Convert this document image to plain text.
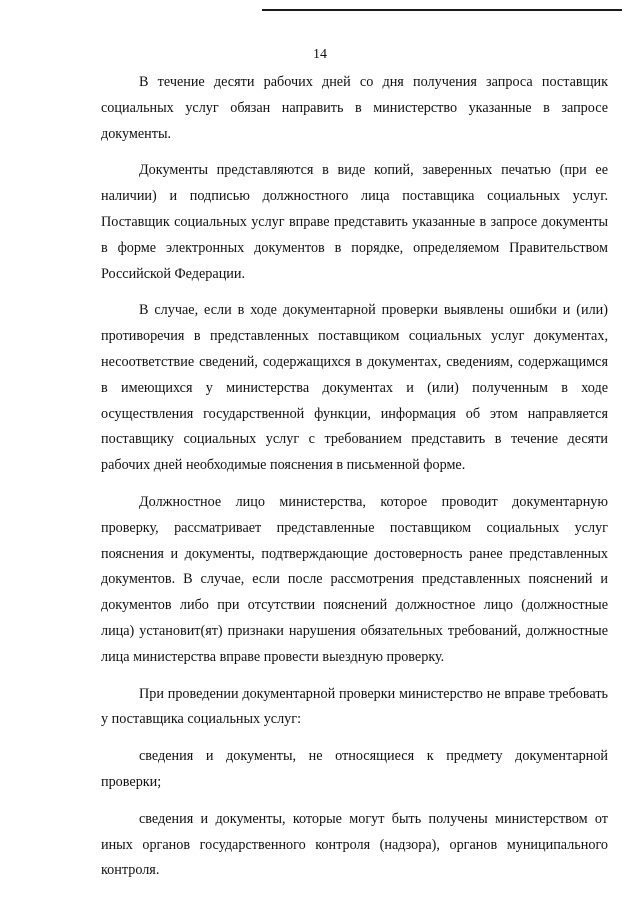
14

В течение десяти рабочих дней со дня получения запроса поставщик социальных услуг обязан направить в министерство указанные в запросе документы.

Документы представляются в виде копий, заверенных печатью (при ее наличии) и подписью должностного лица поставщика социальных услуг. Поставщик социальных услуг вправе представить указанные в запросе документы в форме электронных документов в порядке, определяемом Правительством Российской Федерации.

В случае, если в ходе документарной проверки выявлены ошибки и (или) противоречия в представленных поставщиком социальных услуг документах, несоответствие сведений, содержащихся в документах, сведениям, содержащимся в имеющихся у министерства документах и (или) полученным в ходе осуществления государственной функции, информация об этом направляется поставщику социальных услуг с требованием представить в течение десяти рабочих дней необходимые пояснения в письменной форме.

Должностное лицо министерства, которое проводит документарную проверку, рассматривает представленные поставщиком социальных услуг пояснения и документы, подтверждающие достоверность ранее представленных документов. В случае, если после рассмотрения представленных пояснений и документов либо при отсутствии пояснений должностное лицо (должностные лица) установит(ят) признаки нарушения обязательных требований, должностные лица министерства вправе провести выездную проверку.

При проведении документарной проверки министерство не вправе требовать у поставщика социальных услуг:

сведения и документы, не относящиеся к предмету документарной проверки;

сведения и документы, которые могут быть получены министерством от иных органов государственного контроля (надзора), органов муниципального контроля.
